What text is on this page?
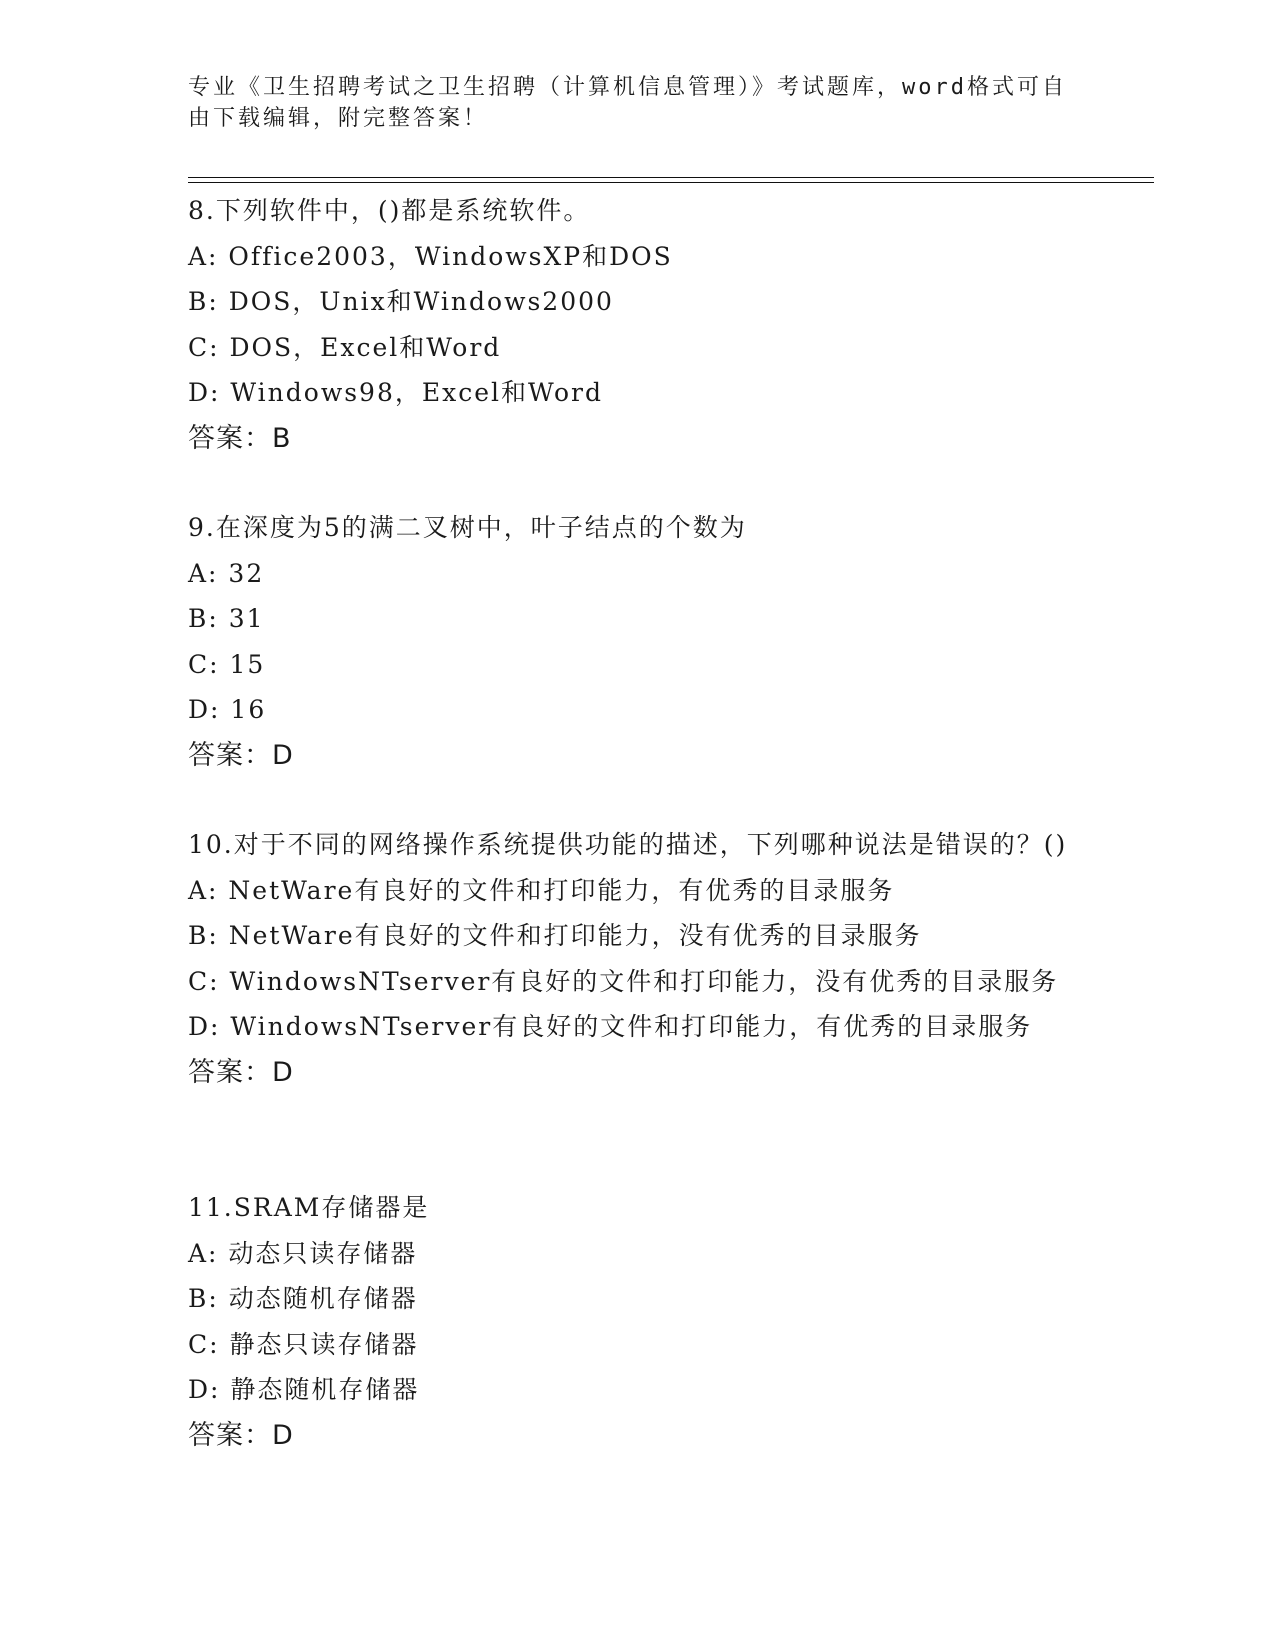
专业《卫生招聘考试之卫生招聘（计算机信息管理）》考试题库，word格式可自由下载编辑，附完整答案！
8.下列软件中，()都是系统软件。
A: Office2003，WindowsXP和DOS
B: DOS，Unix和Windows2000
C: DOS，Excel和Word
D: Windows98，Excel和Word
答案：B
9.在深度为5的满二叉树中，叶子结点的个数为
A: 32
B: 31
C: 15
D: 16
答案：D
10.对于不同的网络操作系统提供功能的描述，下列哪种说法是错误的？()
A: NetWare有良好的文件和打印能力，有优秀的目录服务
B: NetWare有良好的文件和打印能力，没有优秀的目录服务
C: WindowsNTserver有良好的文件和打印能力，没有优秀的目录服务
D: WindowsNTserver有良好的文件和打印能力，有优秀的目录服务
答案：D
11.SRAM存储器是
A: 动态只读存储器
B: 动态随机存储器
C: 静态只读存储器
D: 静态随机存储器
答案：D
